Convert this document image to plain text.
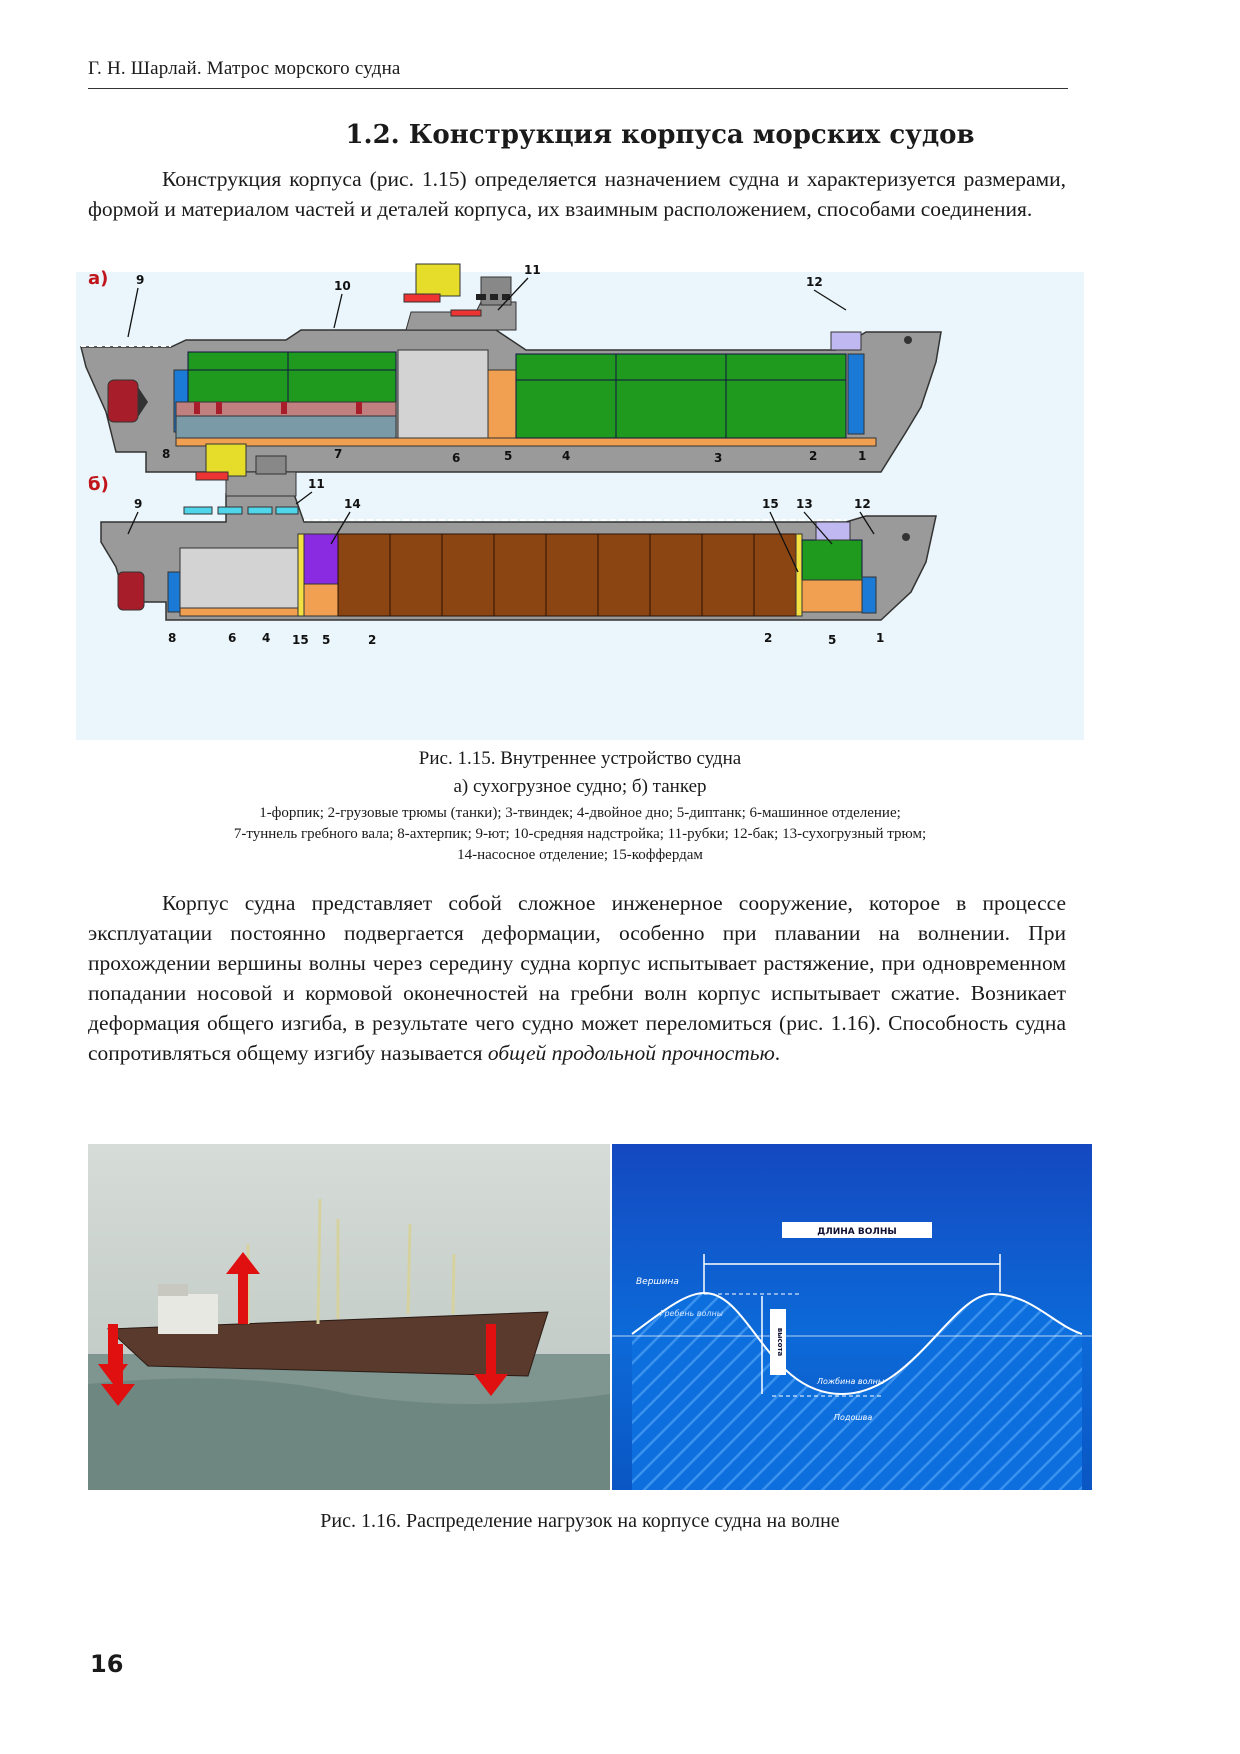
Г. Н. Шарлай. Матрос морского судна
1.2. Конструкция корпуса морских судов

Конструкция корпуса (рис. 1.15) определяется назначением судна и характеризуется размерами, формой и материалом частей и деталей корпуса, их взаимным расположением, способами соединения.

а) 9	10
11
12
8	7	6	5	4	3	2	1
б)
9
11
14	15 13	12
8	6 4 15 5	2	2	5	1

Рис. 1.15. Внутреннее устройство судна

а) сухогрузное судно; б) танкер

1-форпик; 2-грузовые трюмы (танки); 3-твиндек; 4-двойное дно; 5-диптанк; 6-машинное отделение;
7-туннель гребного вала; 8-ахтерпик; 9-ют; 10-средняя надстройка; 11-рубки; 12-бак; 13-сухогрузный трюм;
14-насосное отделение; 15-коффердам

Корпус судна представляет собой сложное инженерное сооружение, которое в процессе эксплуатации постоянно подвергается деформации, особенно при плавании на волнении. При прохождении вершины волны через середину судна корпус испытывает растяжение, при одновременном попадании носовой и кормовой оконечностей на гребни волн корпус испытывает сжатие. Возникает деформация общего изгиба, в результате чего судно может переломиться (рис. 1.16). Способность судна сопротивляться общему изгибу называется общей продольной прочностью.

ДЛИНА ВОЛНЫ
высота
Вершина
Гребень волны
Ложбина волны
Подошва

Рис. 1.16. Распределение нагрузок на корпусе судна на волне

16
